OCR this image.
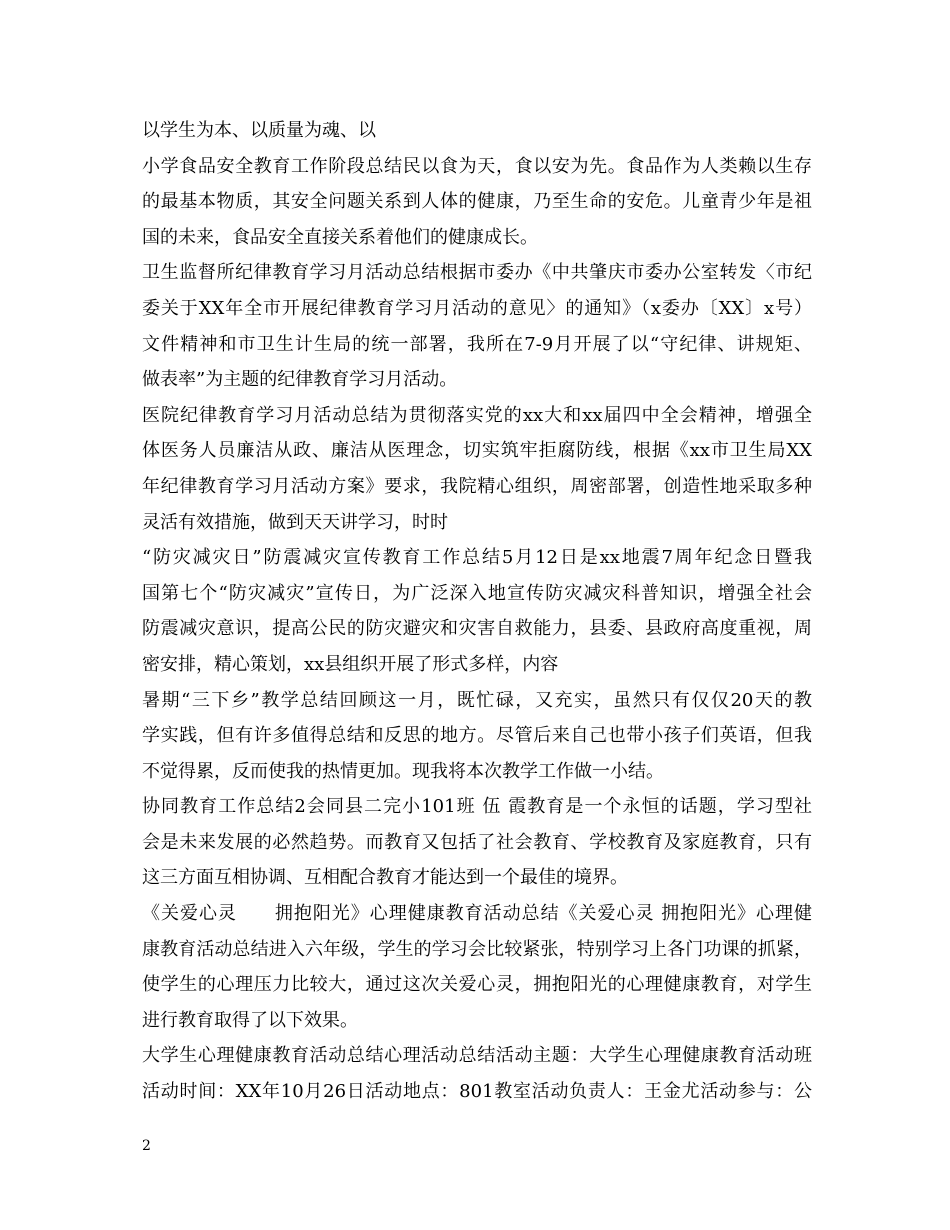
以学生为本、以质量为魂、以
小学食品安全教育工作阶段总结民以食为天，食以安为先。食品作为人类赖以生存
的最基本物质，其安全问题关系到人体的健康，乃至生命的安危。儿童青少年是祖
国的未来，食品安全直接关系着他们的健康成长。
卫生监督所纪律教育学习月活动总结根据市委办《中共肇庆市委办公室转发〈市纪
委关于XX年全市开展纪律教育学习月活动的意见〉的通知》（x委办〔XX〕x号）
文件精神和市卫生计生局的统一部署，我所在7-9月开展了以“守纪律、讲规矩、
做表率”为主题的纪律教育学习月活动。
医院纪律教育学习月活动总结为贯彻落实党的xx大和xx届四中全会精神，增强全
体医务人员廉洁从政、廉洁从医理念，切实筑牢拒腐防线，根据《xx市卫生局XX
年纪律教育学习月活动方案》要求，我院精心组织，周密部署，创造性地采取多种
灵活有效措施，做到天天讲学习，时时
“防灾减灾日”防震减灾宣传教育工作总结5月12日是xx地震7周年纪念日暨我
国第七个“防灾减灾”宣传日，为广泛深入地宣传防灾减灾科普知识，增强全社会
防震减灾意识，提高公民的防灾避灾和灾害自救能力，县委、县政府高度重视，周
密安排，精心策划，xx县组织开展了形式多样，内容
暑期“三下乡”教学总结回顾这一月，既忙碌，又充实，虽然只有仅仅20天的教
学实践，但有许多值得总结和反思的地方。尽管后来自己也带小孩子们英语，但我
不觉得累，反而使我的热情更加。现我将本次教学工作做一小结。
协同教育工作总结2会同县二完小101班 伍 霞教育是一个永恒的话题，学习型社
会是未来发展的必然趋势。而教育又包括了社会教育、学校教育及家庭教育，只有
这三方面互相协调、互相配合教育才能达到一个最佳的境界。
《关爱心灵　　拥抱阳光》心理健康教育活动总结《关爱心灵 拥抱阳光》心理健
康教育活动总结进入六年级，学生的学习会比较紧张，特别学习上各门功课的抓紧，
使学生的心理压力比较大，通过这次关爱心灵，拥抱阳光的心理健康教育，对学生
进行教育取得了以下效果。
大学生心理健康教育活动总结心理活动总结活动主题：大学生心理健康教育活动班
活动时间：XX年10月26日活动地点：801教室活动负责人：王金尤活动参与：公
2
